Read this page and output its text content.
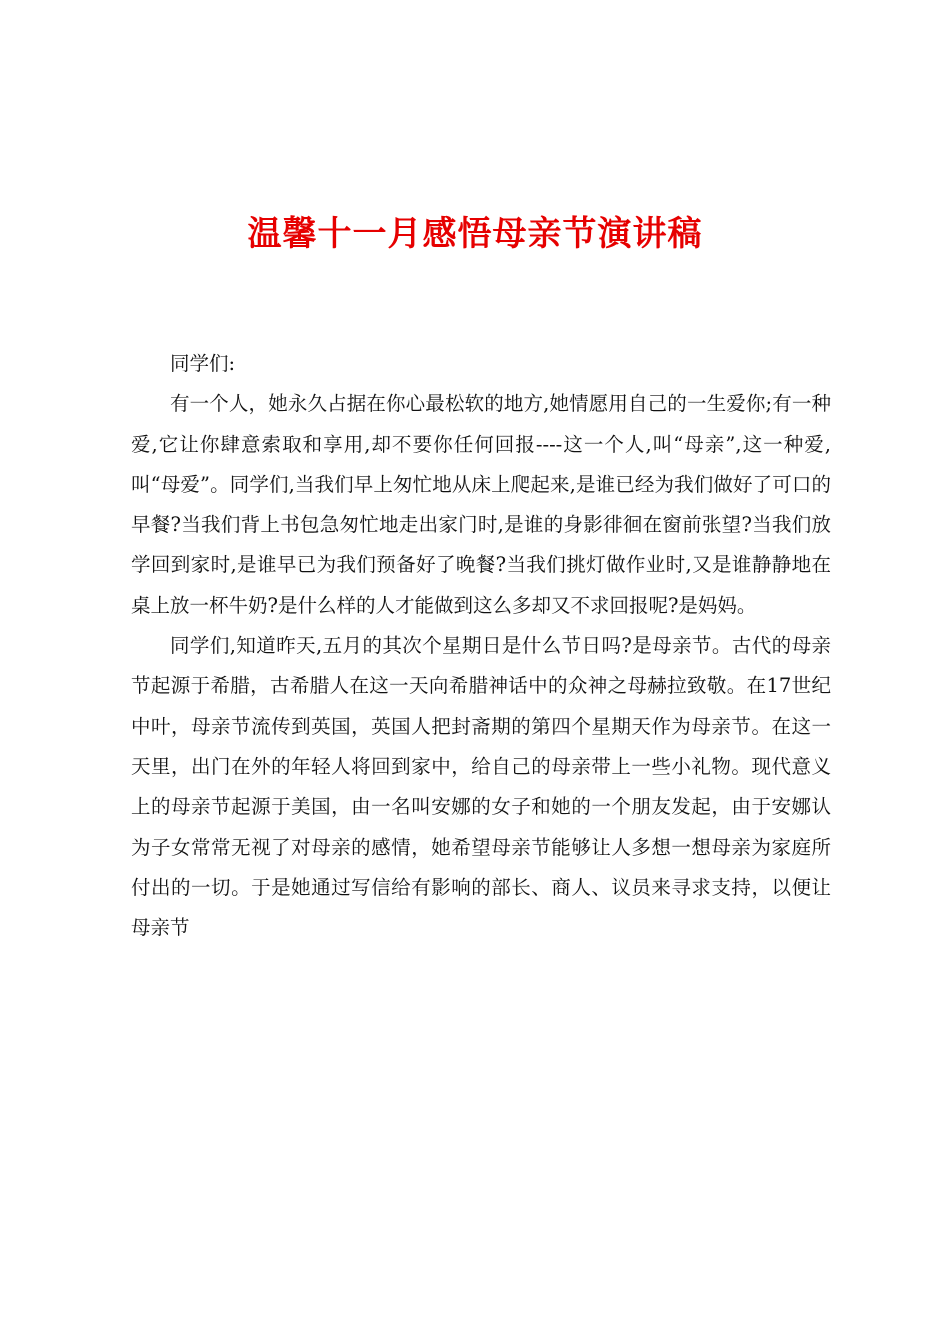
温馨十一月感悟母亲节演讲稿

同学们:

有一个人，她永久占据在你心最松软的地方,她情愿用自己的一生爱你;有一种爱,它让你肆意索取和享用,却不要你任何回报----这一个人,叫“母亲”,这一种爱,叫“母爱”。同学们,当我们早上匆忙地从床上爬起来,是谁已经为我们做好了可口的早餐?当我们背上书包急匆忙地走出家门时,是谁的身影徘徊在窗前张望?当我们放学回到家时,是谁早已为我们预备好了晚餐?当我们挑灯做作业时,又是谁静静地在桌上放一杯牛奶?是什么样的人才能做到这么多却又不求回报呢?是妈妈。

同学们,知道昨天,五月的其次个星期日是什么节日吗?是母亲节。古代的母亲节起源于希腊，古希腊人在这一天向希腊神话中的众神之母赫拉致敬。在17世纪中叶，母亲节流传到英国，英国人把封斋期的第四个星期天作为母亲节。在这一天里，出门在外的年轻人将回到家中，给自己的母亲带上一些小礼物。现代意义上的母亲节起源于美国，由一名叫安娜的女子和她的一个朋友发起，由于安娜认为子女常常无视了对母亲的感情，她希望母亲节能够让人多想一想母亲为家庭所付出的一切。于是她通过写信给有影响的部长、商人、议员来寻求支持，以便让母亲节
